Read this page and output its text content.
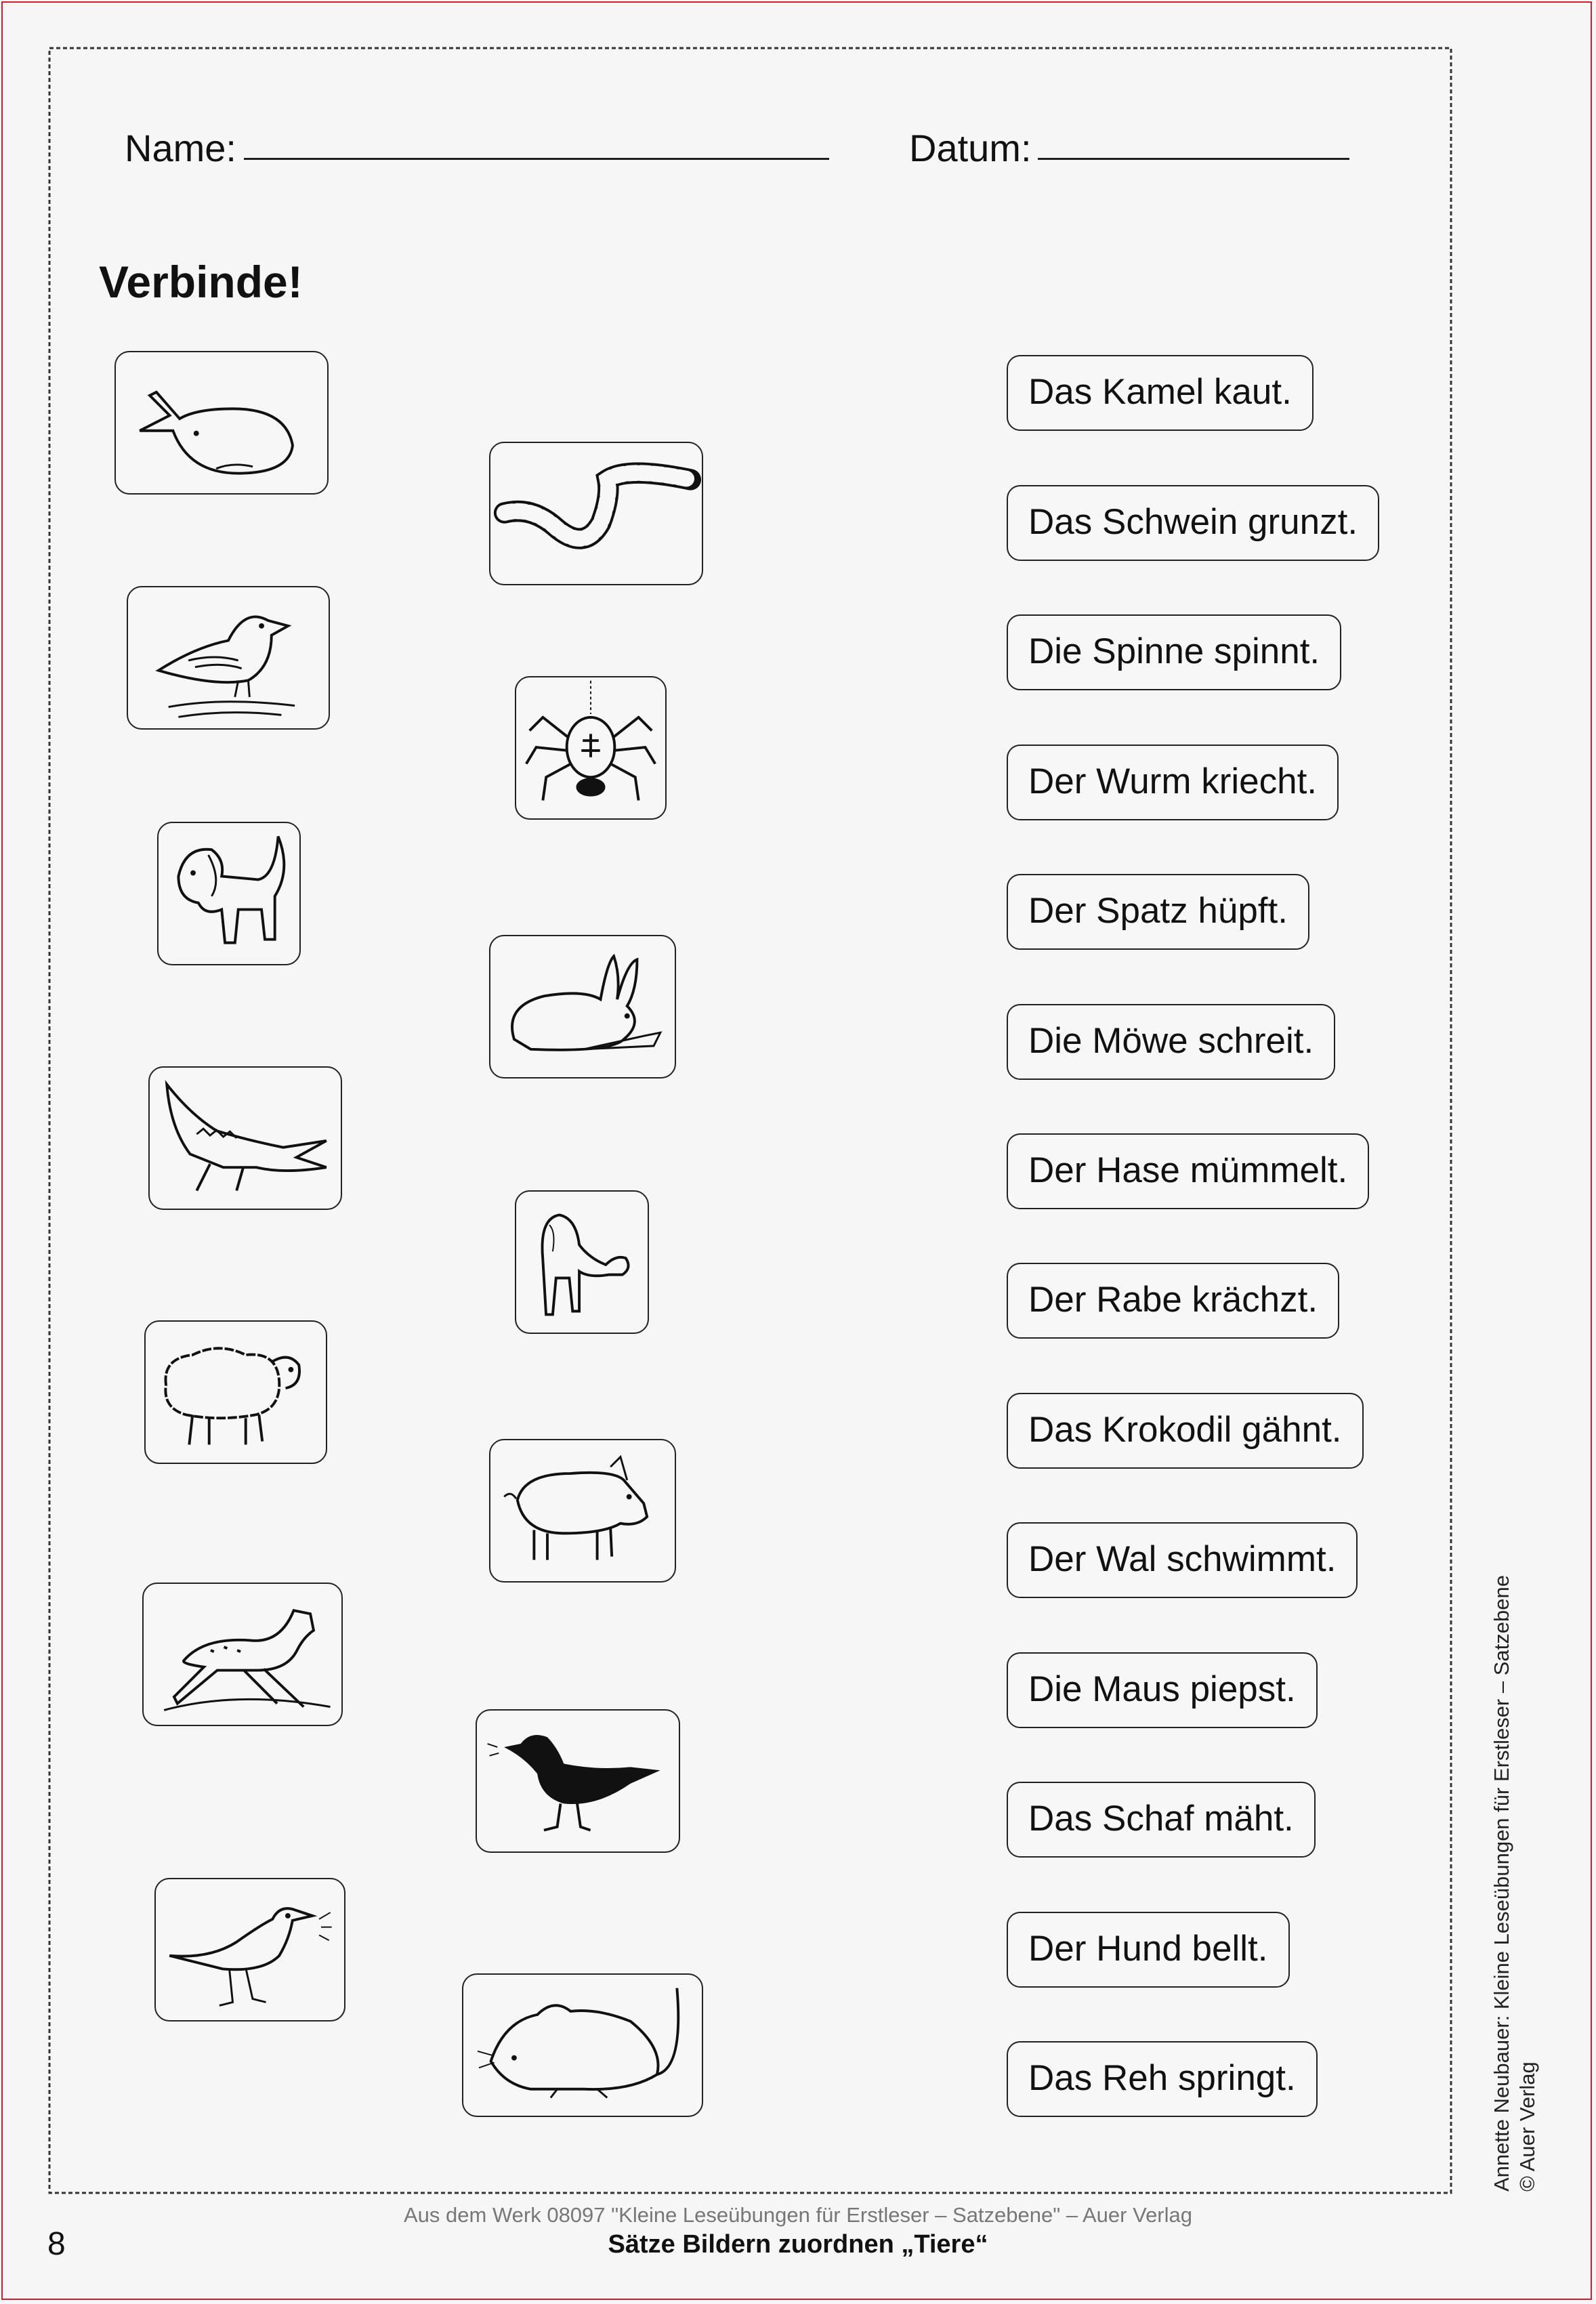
Name:	Datum:
Verbinde!
Das Kamel kaut.
Das Schwein grunzt.
Die Spinne spinnt.
Der Wurm kriecht.
Der Spatz hüpft.
Die Möwe schreit.
Der Hase mümmelt.
Der Rabe krächzt.
Das Krokodil gähnt.
Der Wal schwimmt.
Die Maus piepst.
Das Schaf mäht.
Der Hund bellt.
Das Reh springt.	Annette Neubauer: Kleine Leseübungen für Erstleser – Satzebene © Auer Verlag
Aus dem Werk 08097 "Kleine Leseübungen für Erstleser – Satzebene" – Auer Verlag
Sätze Bildern zuordnen „Tiere“
8
